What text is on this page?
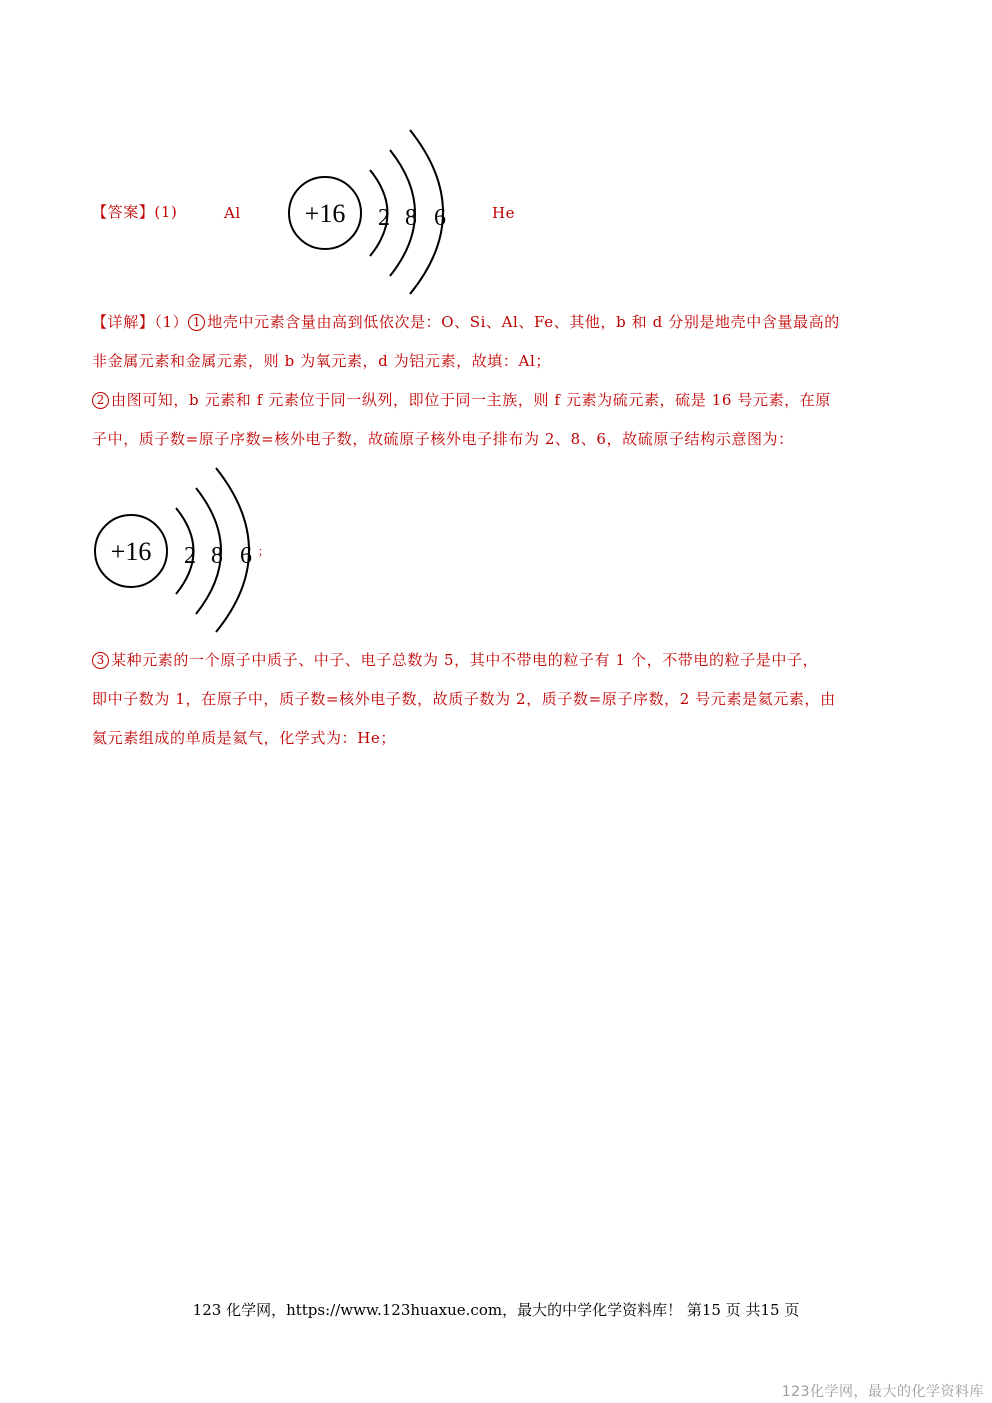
【答案】(1)	Al	He
+16 2 8 6
【详解】（1） 1 地壳中元素含量由高到低依次是：O、Si、Al、Fe、其他，b 和 d 分别是地壳中含量最高的
非金属元素和金属元素，则 b 为氧元素，d 为铝元素，故填：Al；
2 由图可知，b 元素和 f 元素位于同一纵列，即位于同一主族，则 f 元素为硫元素，硫是 16 号元素，在原
子中，质子数=原子序数=核外电子数，故硫原子核外电子排布为 2、8、6，故硫原子结构示意图为：
+16 2 8 6 ；
3 某种元素的一个原子中质子、中子、电子总数为 5，其中不带电的粒子有 1 个，不带电的粒子是中子，
即中子数为 1，在原子中，质子数=核外电子数，故质子数为 2，质子数=原子序数，2 号元素是氦元素，由
氦元素组成的单质是氦气，化学式为：He；
123 化学网，https://www.123huaxue.com，最大的中学化学资料库！ 第15 页 共15 页
123化学网，最大的化学资料库
